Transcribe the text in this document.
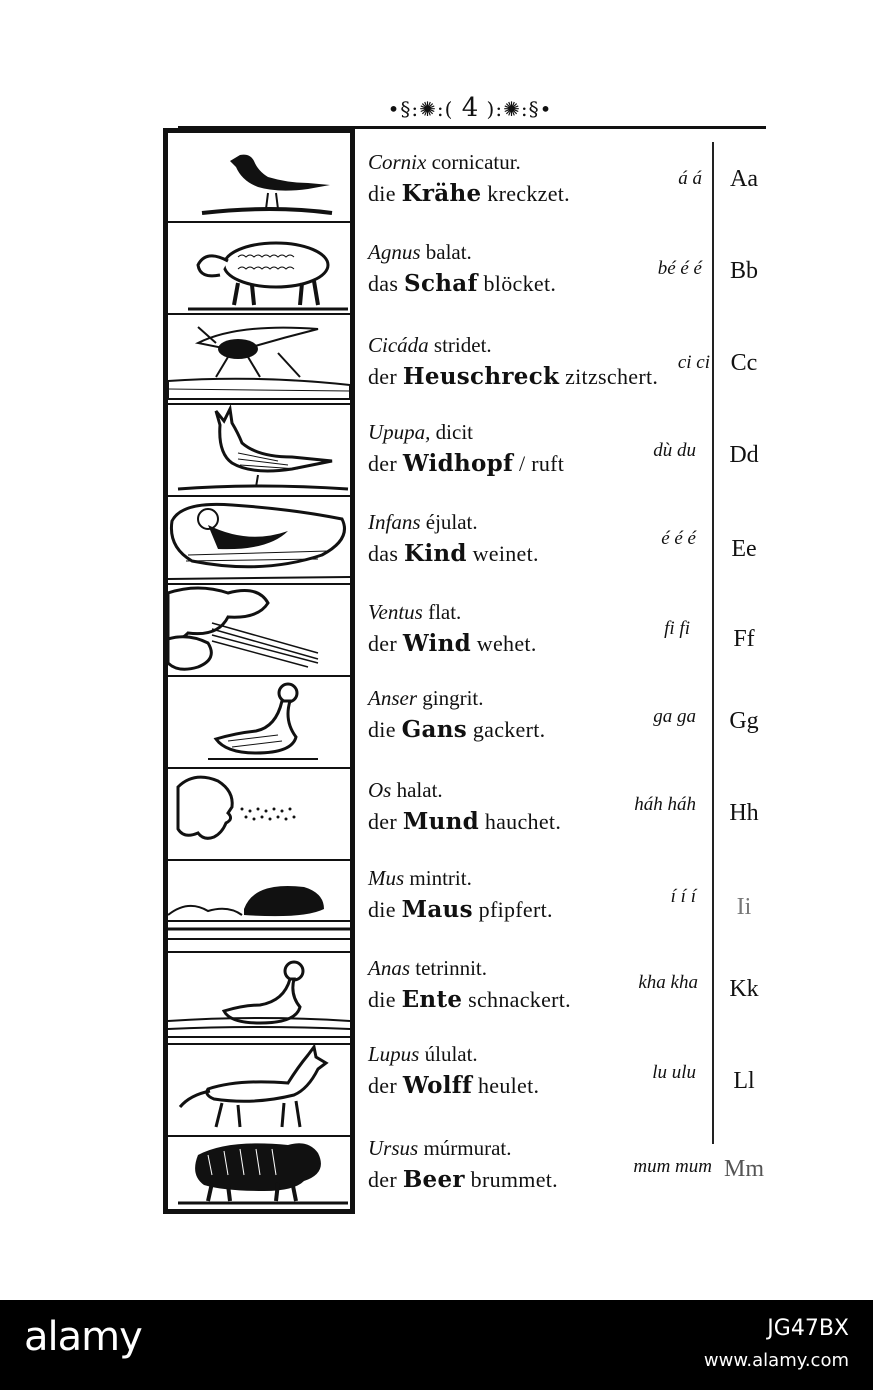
•§:✺:( 4 ):✺:§•
Cornix cornicatur.
die Krähe kreckzet.
á á	Aa
Agnus balat.
das Schaf blöcket.
bé é é	Bb
Cicáda stridet.
der Heuschreck zitzschert.
ci ci Cc
Upupa, dicit
der Widhopf / ruft
dù du	Dd
Infans éjulat.
das Kind weinet.
é é é	Ee
Ventus flat.
der Wind wehet.
fi fi	Ff
Anser gingrit.
die Gans gackert.
ga ga	Gg
Os halat.
der Mund hauchet.
háh háh	Hh
Mus mintrit.
die Maus pfipfert.
í í í	Ii
Anas tetrinnit.
die Ente schnackert.
kha kha	Kk
Lupus úlulat.
der Wolff heulet.
lu ulu	Ll
Ursus múrmurat.
der Beer brummet.
mum mum Mm
alamy	JG47BX
www.alamy.com
